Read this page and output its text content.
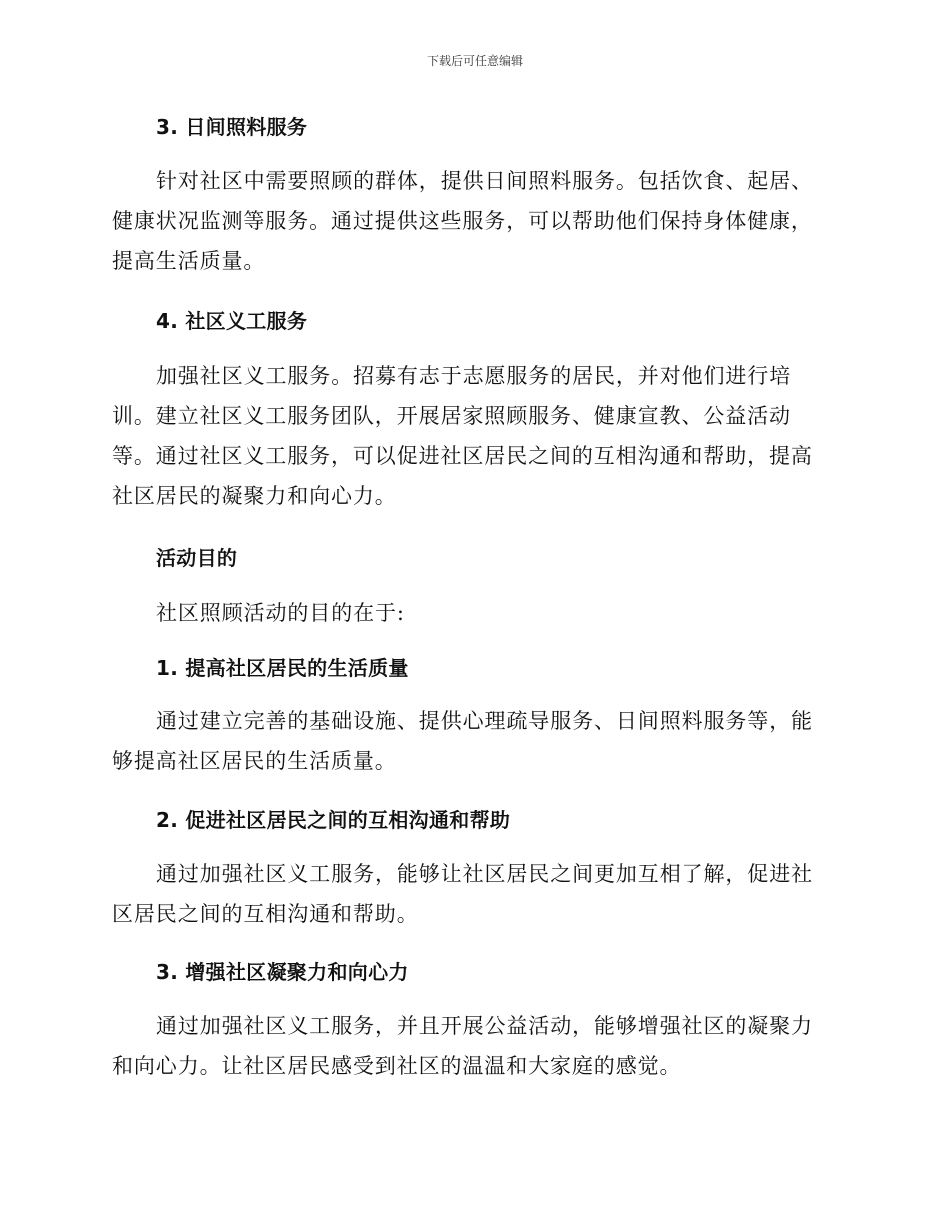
下载后可任意编辑
3. 日间照料服务

针对社区中需要照顾的群体，提供日间照料服务。包括饮食、起居、健康状况监测等服务。通过提供这些服务，可以帮助他们保持身体健康，提高生活质量。

4. 社区义工服务

加强社区义工服务。招募有志于志愿服务的居民，并对他们进行培训。建立社区义工服务团队，开展居家照顾服务、健康宣教、公益活动等。通过社区义工服务，可以促进社区居民之间的互相沟通和帮助，提高社区居民的凝聚力和向心力。

活动目的

社区照顾活动的目的在于:

1. 提高社区居民的生活质量

通过建立完善的基础设施、提供心理疏导服务、日间照料服务等，能够提高社区居民的生活质量。

2. 促进社区居民之间的互相沟通和帮助

通过加强社区义工服务，能够让社区居民之间更加互相了解，促进社区居民之间的互相沟通和帮助。

3. 增强社区凝聚力和向心力

通过加强社区义工服务，并且开展公益活动，能够增强社区的凝聚力和向心力。让社区居民感受到社区的温温和大家庭的感觉。
